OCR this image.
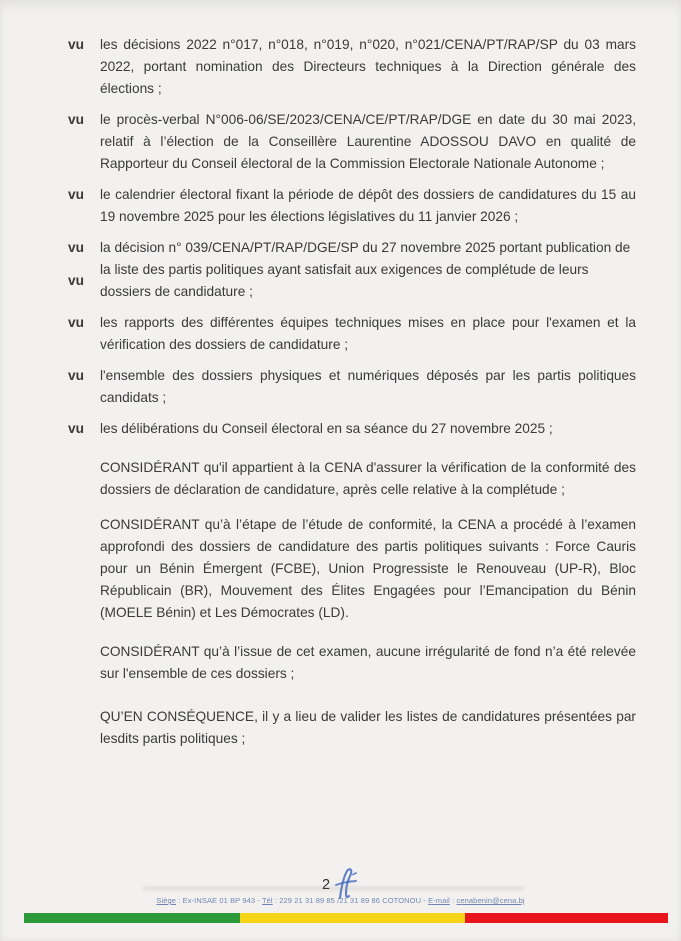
vu	les décisions 2022 n°017, n°018, n°019, n°020, n°021/CENA/PT/RAP/SP du 03 mars 2022, portant nomination des Directeurs techniques à la Direction générale des élections ;
vu	le procès-verbal N°006-06/SE/2023/CENA/CE/PT/RAP/DGE en date du 30 mai 2023, relatif à l’élection de la Conseillère Laurentine ADOSSOU DAVO en qualité de Rapporteur du Conseil électoral de la Commission Electorale Nationale Autonome ;
vu	le calendrier électoral fixant la période de dépôt des dossiers de candidatures du 15 au 19 novembre 2025 pour les élections législatives du 11 janvier 2026 ;
vu
vu
la décision n° 039/CENA/PT/RAP/DGE/SP du 27 novembre 2025 portant publication de la liste des partis politiques ayant satisfait aux exigences de complétude de leurs dossiers de candidature ;
vu	les rapports des différentes équipes techniques mises en place pour l'examen et la vérification des dossiers de candidature ;
vu	l'ensemble des dossiers physiques et numériques déposés par les partis politiques candidats ;
vu	les délibérations du Conseil électoral en sa séance du 27 novembre 2025 ;

CONSIDÉRANT qu'il appartient à la CENA d'assurer la vérification de la conformité des dossiers de déclaration de candidature, après celle relative à la complétude ;

CONSIDÉRANT qu’à l’étape de l’étude de conformité, la CENA a procédé à l’examen approfondi des dossiers de candidature des partis politiques suivants : Force Cauris pour un Bénin Émergent (FCBE), Union Progressiste le Renouveau (UP-R), Bloc Républicain (BR), Mouvement des Élites Engagées pour l’Emancipation du Bénin (MOELE Bénin) et Les Démocrates (LD).

CONSIDÉRANT qu’à l’issue de cet examen, aucune irrégularité de fond n’a été relevée sur l'ensemble de ces dossiers ;

QU’EN CONSÉQUENCE, il y a lieu de valider les listes de candidatures présentées par lesdits partis politiques ;

2
Siège : Ex-INSAE 01 BP 943 - Tél : 229 21 31 89 85 /21 31 89 86 COTONOU - E-mail : cenabenin@cena.bj
